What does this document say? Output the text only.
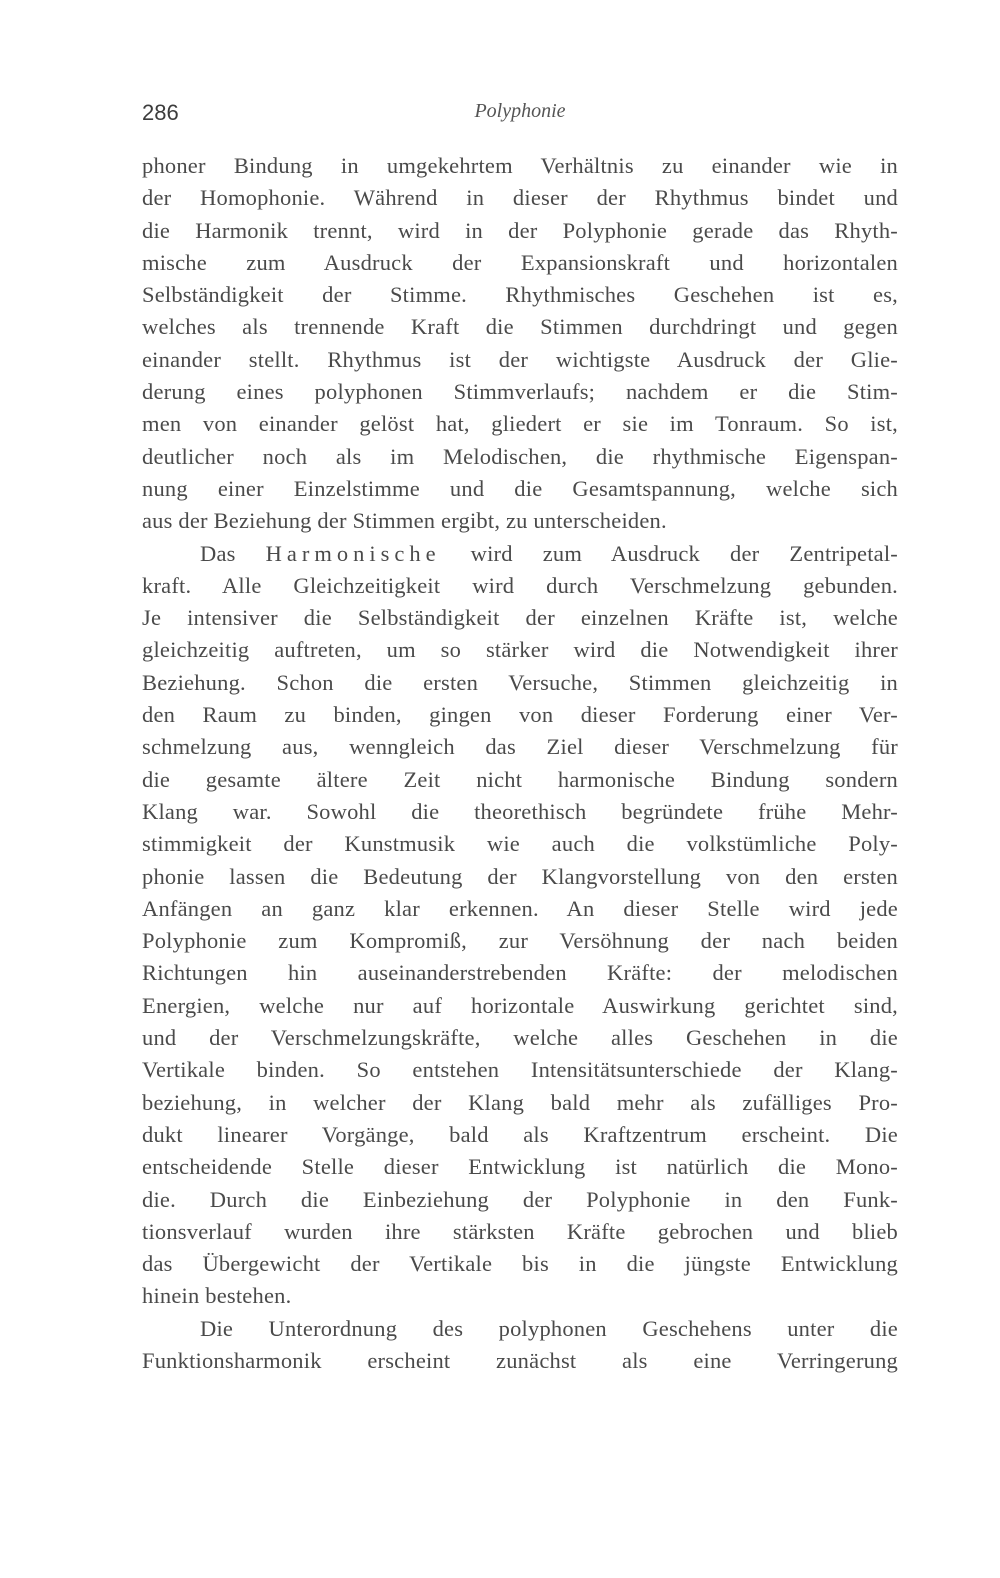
286	Polyphonie
phoner Bindung in umgekehrtem Verhältnis zu einander wie in
der Homophonie. Während in dieser der Rhythmus bindet und
die Harmonik trennt, wird in der Polyphonie gerade das Rhyth-
mische zum Ausdruck der Expansionskraft und horizontalen
Selbständigkeit der Stimme. Rhythmisches Geschehen ist es,
welches als trennende Kraft die Stimmen durchdringt und gegen
einander stellt. Rhythmus ist der wichtigste Ausdruck der Glie-
derung eines polyphonen Stimmverlaufs; nachdem er die Stim-
men von einander gelöst hat, gliedert er sie im Tonraum. So ist,
deutlicher noch als im Melodischen, die rhythmische Eigenspan-
nung einer Einzelstimme und die Gesamtspannung, welche sich
aus der Beziehung der Stimmen ergibt, zu unterscheiden.
Das Harmonische wird zum Ausdruck der Zentripetal-
kraft. Alle Gleichzeitigkeit wird durch Verschmelzung gebunden.
Je intensiver die Selbständigkeit der einzelnen Kräfte ist, welche
gleichzeitig auftreten, um so stärker wird die Notwendigkeit ihrer
Beziehung. Schon die ersten Versuche, Stimmen gleichzeitig in
den Raum zu binden, gingen von dieser Forderung einer Ver-
schmelzung aus, wenngleich das Ziel dieser Verschmelzung für
die gesamte ältere Zeit nicht harmonische Bindung sondern
Klang war. Sowohl die theorethisch begründete frühe Mehr-
stimmigkeit der Kunstmusik wie auch die volkstümliche Poly-
phonie lassen die Bedeutung der Klangvorstellung von den ersten
Anfängen an ganz klar erkennen. An dieser Stelle wird jede
Polyphonie zum Kompromiß, zur Versöhnung der nach beiden
Richtungen hin auseinanderstrebenden Kräfte: der melodischen
Energien, welche nur auf horizontale Auswirkung gerichtet sind,
und der Verschmelzungskräfte, welche alles Geschehen in die
Vertikale binden. So entstehen Intensitätsunterschiede der Klang-
beziehung, in welcher der Klang bald mehr als zufälliges Pro-
dukt linearer Vorgänge, bald als Kraftzentrum erscheint. Die
entscheidende Stelle dieser Entwicklung ist natürlich die Mono-
die. Durch die Einbeziehung der Polyphonie in den Funk-
tionsverlauf wurden ihre stärksten Kräfte gebrochen und blieb
das Übergewicht der Vertikale bis in die jüngste Entwicklung
hinein bestehen.
Die Unterordnung des polyphonen Geschehens unter die
Funktionsharmonik erscheint zunächst als eine Verringerung
